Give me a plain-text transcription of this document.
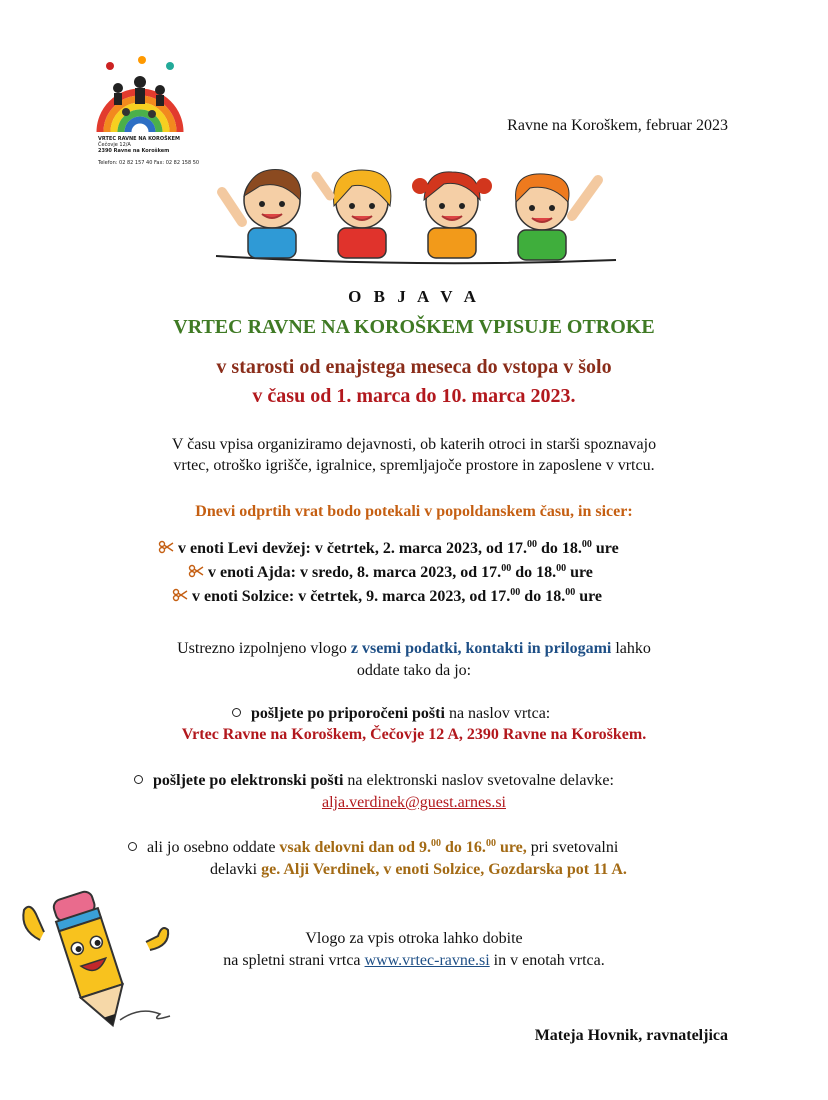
VRTEC RAVNE NA KOROŠKEM
Čečovje 12/A
2390 Ravne na Koroškem
Telefon: 02 82 157 40 Fax: 02 82 158 50
Ravne na Koroškem, februar 2023
O B J A V A
VRTEC RAVNE NA KOROŠKEM VPISUJE OTROKE
v starosti od enajstega meseca do vstopa v šolo
v času od 1. marca do 10. marca 2023.
V času vpisa organiziramo dejavnosti, ob katerih otroci in starši spoznavajo
vrtec, otroško igrišče, igralnice, spremljajoče prostore in zaposlene v vrtcu.
Dnevi odprtih vrat bodo potekali v popoldanskem času, in sicer:
v enoti Levi devžej: v četrtek, 2. marca 2023, od 17.00 do 18.00 ure
v enoti Ajda: v sredo, 8. marca 2023, od 17.00 do 18.00 ure
v enoti Solzice: v četrtek, 9. marca 2023, od 17.00 do 18.00 ure
Ustrezno izpolnjeno vlogo z vsemi podatki, kontakti in prilogami lahko
oddate tako da jo:
pošljete po priporočeni pošti na naslov vrtca:
Vrtec Ravne na Koroškem, Čečovje 12 A, 2390 Ravne na Koroškem.
pošljete po elektronski pošti na elektronski naslov svetovalne delavke:
alja.verdinek@guest.arnes.si
ali jo osebno oddate vsak delovni dan od 9.00 do 16.00 ure, pri svetovalni
delavki ge. Alji Verdinek, v enoti Solzice, Gozdarska pot 11 A.
Vlogo za vpis otroka lahko dobite
na spletni strani vrtca www.vrtec-ravne.si in v enotah vrtca.
Mateja Hovnik, ravnateljica
